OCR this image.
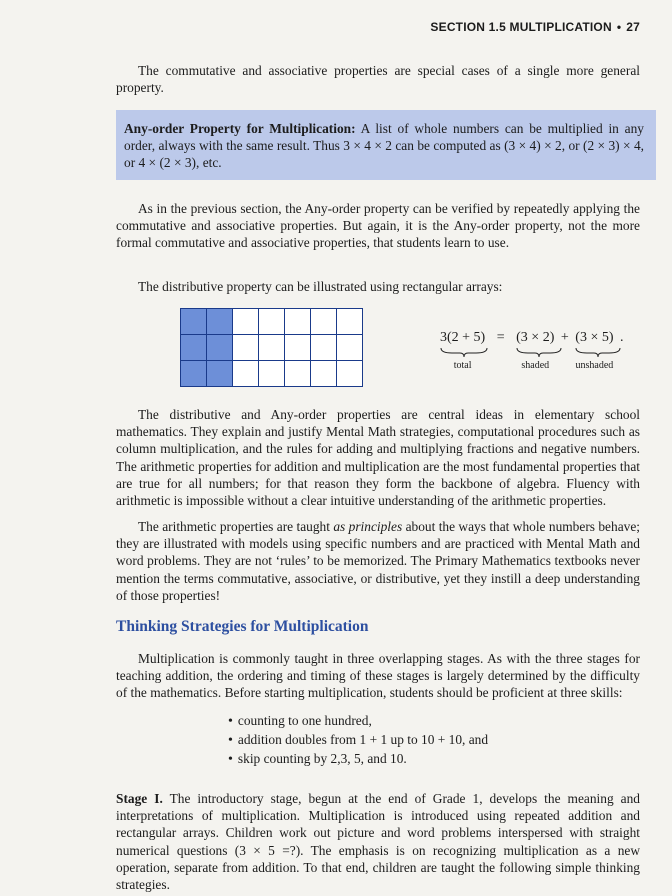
SECTION 1.5 MULTIPLICATION • 27

The commutative and associative properties are special cases of a single more general property.

Any-order Property for Multiplication: A list of whole numbers can be multiplied in any order, always with the same result. Thus 3 × 4 × 2 can be computed as (3 × 4) × 2, or (2 × 3) × 4, or 4 × (2 × 3), etc.

As in the previous section, the Any-order property can be verified by repeatedly applying the commutative and associative properties. But again, it is the Any-order property, not the more formal commutative and associative properties, that students learn to use.

The distributive property can be illustrated using rectangular arrays:

3(2 + 5)
total
= (3 × 2)
shaded
+ (3 × 5)
unshaded
.

The distributive and Any-order properties are central ideas in elementary school mathematics. They explain and justify Mental Math strategies, computational procedures such as column multiplication, and the rules for adding and multiplying fractions and negative numbers. The arithmetic properties for addition and multiplication are the most fundamental properties that are true for all numbers; for that reason they form the backbone of algebra. Fluency with arithmetic is impossible without a clear intuitive understanding of the arithmetic properties.

The arithmetic properties are taught as principles about the ways that whole numbers behave; they are illustrated with models using specific numbers and are practiced with Mental Math and word problems. They are not ‘rules’ to be memorized. The Primary Mathematics textbooks never mention the terms commutative, associative, or distributive, yet they instill a deep understanding of those properties!

Thinking Strategies for Multiplication

Multiplication is commonly taught in three overlapping stages. As with the three stages for teaching addition, the ordering and timing of these stages is largely determined by the difficulty of the mathematics. Before starting multiplication, students should be proficient at three skills:

• counting to one hundred,
• addition doubles from 1 + 1 up to 10 + 10, and
• skip counting by 2,3, 5, and 10.

Stage I. The introductory stage, begun at the end of Grade 1, develops the meaning and interpretations of multiplication. Multiplication is introduced using repeated addition and rectangular arrays. Children work out picture and word problems interspersed with straight numerical questions (3 × 5 =?). The emphasis is on recognizing multiplication as a new operation, separate from addition. To that end, children are taught the following simple thinking strategies.
